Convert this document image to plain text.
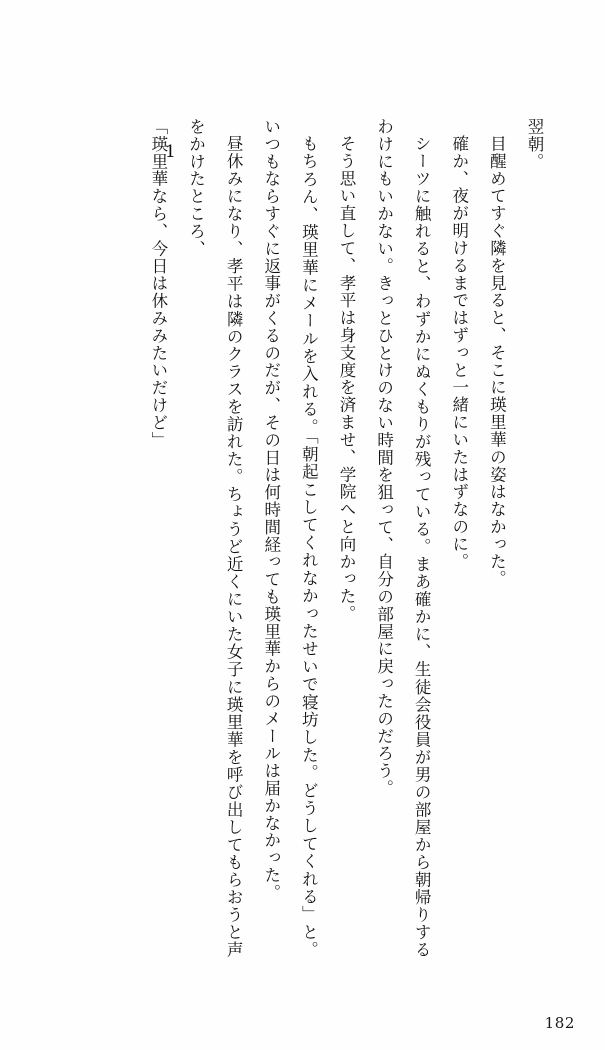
1	翌朝。

目醒めてすぐ隣を見ると、そこに瑛里華の姿はなかった。

確か、夜が明けるまではずっと一緒にいたはずなのに。

シーツに触れると、わずかにぬくもりが残っている。まあ確かに、生徒会役員が男の部屋から朝帰りするわけにもいかない。きっとひとけのない時間を狙って、自分の部屋に戻ったのだろう。

そう思い直して、孝平は身支度を済ませ、学院へと向かった。

もちろん、瑛里華にメールを入れる。「朝起こしてくれなかったせいで寝坊した。どうしてくれる」と。いつもならすぐに返事がくるのだが、その日は何時間経っても瑛里華からのメールは届かなかった。

昼休みになり、孝平は隣のクラスを訪れた。ちょうど近くにいた女子に瑛里華を呼び出してもらおうと声をかけたところ、

「瑛里華なら、今日は休みみたいだけど」

182
